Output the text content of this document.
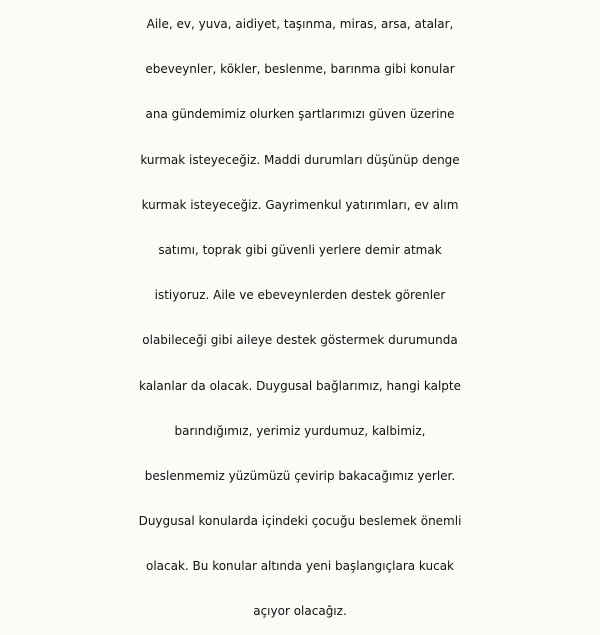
Aile, ev, yuva, aidiyet, taşınma, miras, arsa, atalar,
ebeveynler, kökler, beslenme, barınma gibi konular
ana gündemimiz olurken şartlarımızı güven üzerine
kurmak isteyeceğiz. Maddi durumları düşünüp denge
kurmak isteyeceğiz. Gayrimenkul yatırımları, ev alım
satımı, toprak gibi güvenli yerlere demir atmak
istiyoruz. Aile ve ebeveynlerden destek görenler
olabileceği gibi aileye destek göstermek durumunda
kalanlar da olacak. Duygusal bağlarımız, hangi kalpte
barındığımız, yerimiz yurdumuz, kalbimiz,
beslenmemiz yüzümüzü çevirip bakacağımız yerler.
Duygusal konularda içindeki çocuğu beslemek önemli
olacak. Bu konular altında yeni başlangıçlara kucak
açıyor olacağız.
